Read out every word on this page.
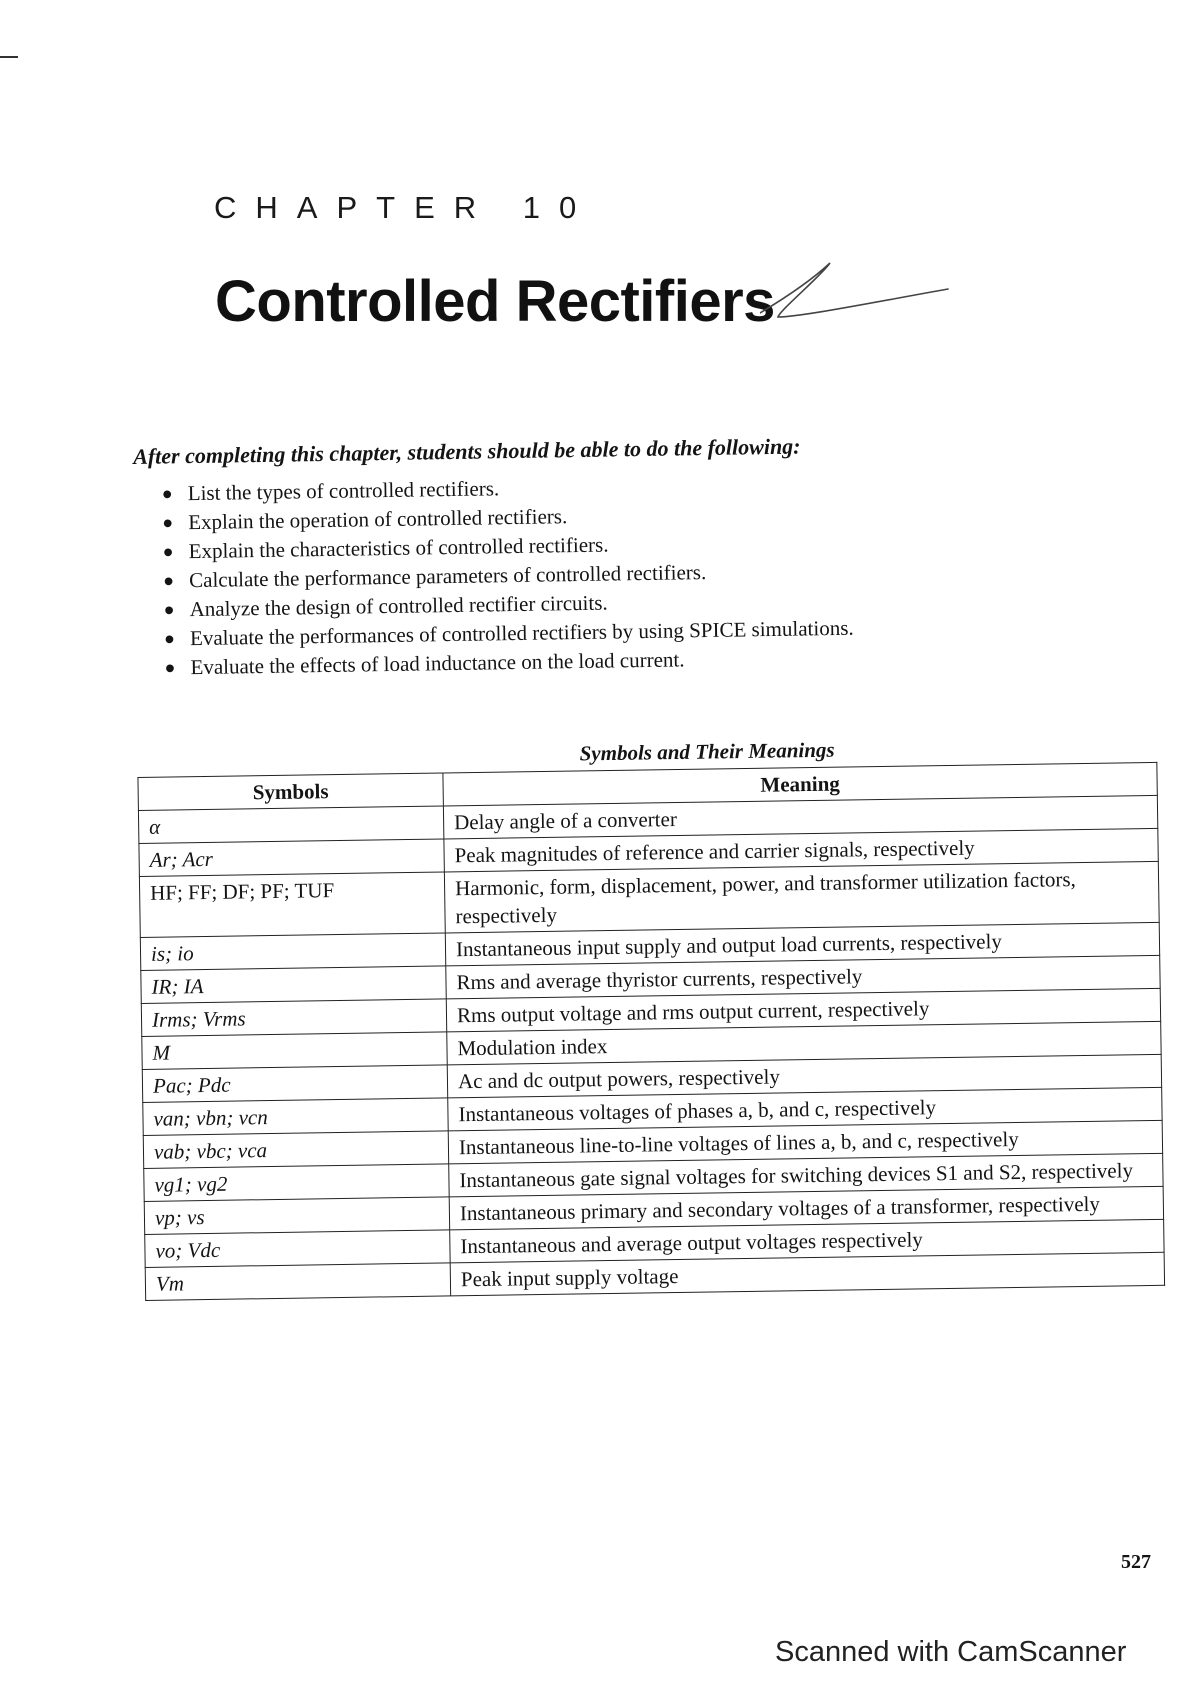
CHAPTER 10
Controlled Rectifiers

After completing this chapter, students should be able to do the following:

● List the types of controlled rectifiers.
● Explain the operation of controlled rectifiers.
● Explain the characteristics of controlled rectifiers.
● Calculate the performance parameters of controlled rectifiers.
● Analyze the design of controlled rectifier circuits.
● Evaluate the performances of controlled rectifiers by using SPICE simulations.
● Evaluate the effects of load inductance on the load current.

Symbols and Their Meanings

Symbols	Meaning
α	Delay angle of a converter
Ar; Acr	Peak magnitudes of reference and carrier signals, respectively
HF; FF; DF; PF; TUF	Harmonic, form, displacement, power, and transformer utilization factors, respectively
is; io	Instantaneous input supply and output load currents, respectively
IR; IA	Rms and average thyristor currents, respectively
Irms; Vrms	Rms output voltage and rms output current, respectively
M	Modulation index
Pac; Pdc	Ac and dc output powers, respectively
van; vbn; vcn	Instantaneous voltages of phases a, b, and c, respectively
vab; vbc; vca	Instantaneous line-to-line voltages of lines a, b, and c, respectively
vg1; vg2	Instantaneous gate signal voltages for switching devices S1 and S2, respectively
vp; vs	Instantaneous primary and secondary voltages of a transformer, respectively
vo; Vdc	Instantaneous and average output voltages respectively
Vm	Peak input supply voltage
527
Scanned with CamScanner
